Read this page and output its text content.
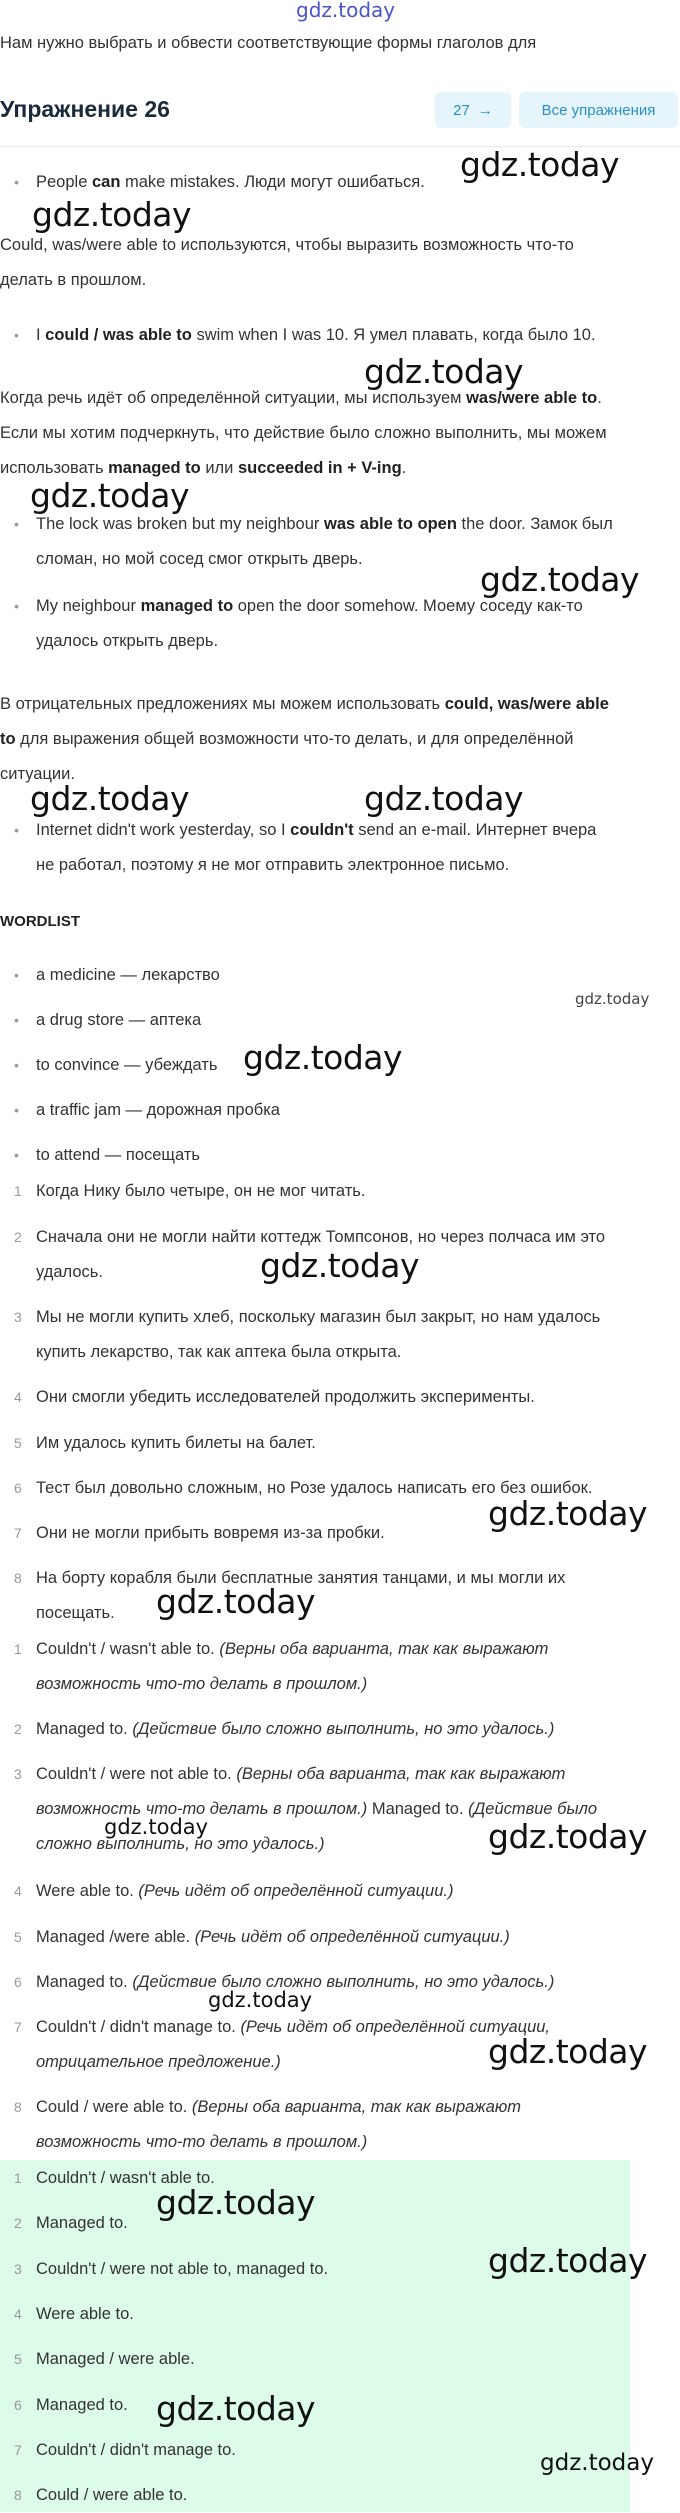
gdz.today
Нам нужно выбрать и обвести соответствующие формы глаголов для
Упражнение 26	27 →	Все упражнения
• People can make mistakes. Люди могут ошибаться.
Could, was/were able to используются, чтобы выразить возможность что-то
делать в прошлом.
• I could / was able to swim when I was 10. Я умел плавать, когда было 10.
Когда речь идёт об определённой ситуации, мы используем was/were able to.
Если мы хотим подчеркнуть, что действие было сложно выполнить, мы можем
использовать managed to или succeeded in + V-ing.
• The lock was broken but my neighbour was able to open the door. Замок был
сломан, но мой сосед смог открыть дверь.
• My neighbour managed to open the door somehow. Моему соседу как-то
удалось открыть дверь.
В отрицательных предложениях мы можем использовать could, was/were able
to для выражения общей возможности что-то делать, и для определённой
ситуации.
• Internet didn't work yesterday, so I couldn't send an e-mail. Интернет вчера
не работал, поэтому я не мог отправить электронное письмо.
WORDLIST
• a medicine — лекарство
• a drug store — аптека
• to convince — убеждать
• a traffic jam — дорожная пробка
• to attend — посещать
1 Когда Нику было четыре, он не мог читать.
2 Сначала они не могли найти коттедж Томпсонов, но через полчаса им это
удалось.
3 Мы не могли купить хлеб, поскольку магазин был закрыт, но нам удалось
купить лекарство, так как аптека была открыта.
4 Они смогли убедить исследователей продолжить эксперименты.
5 Им удалось купить билеты на балет.
6 Тест был довольно сложным, но Розе удалось написать его без ошибок.
7 Они не могли прибыть вовремя из-за пробки.
8 На борту корабля были бесплатные занятия танцами, и мы могли их
посещать.
1 Couldn't / wasn't able to. (Верны оба варианта, так как выражают
возможность что-то делать в прошлом.)
2 Managed to. (Действие было сложно выполнить, но это удалось.)
3 Couldn't / were not able to. (Верны оба варианта, так как выражают
возможность что-то делать в прошлом.) Managed to. (Действие было
сложно выполнить, но это удалось.)
4 Were able to. (Речь идёт об определённой ситуации.)
5 Managed /were able. (Речь идёт об определённой ситуации.)
6 Managed to. (Действие было сложно выполнить, но это удалось.)
7 Couldn't / didn't manage to. (Речь идёт об определённой ситуации,
отрицательное предложение.)
8 Could / were able to. (Верны оба варианта, так как выражают
возможность что-то делать в прошлом.)
1 Couldn't / wasn't able to.
2 Managed to.
3 Couldn't / were not able to, managed to.
4 Were able to.
5 Managed / were able.
6 Managed to.
7 Couldn't / didn't manage to.
8 Could / were able to.
gdz.today
gdz.today
gdz.today
gdz.today
gdz.today
gdz.today	gdz.today
gdz.today
gdz.today
gdz.today
gdz.today
gdz.today
gdz.today
gdz.today
gdz.today
gdz.today
gdz.today
gdz.today
gdz.today
gdz.today
